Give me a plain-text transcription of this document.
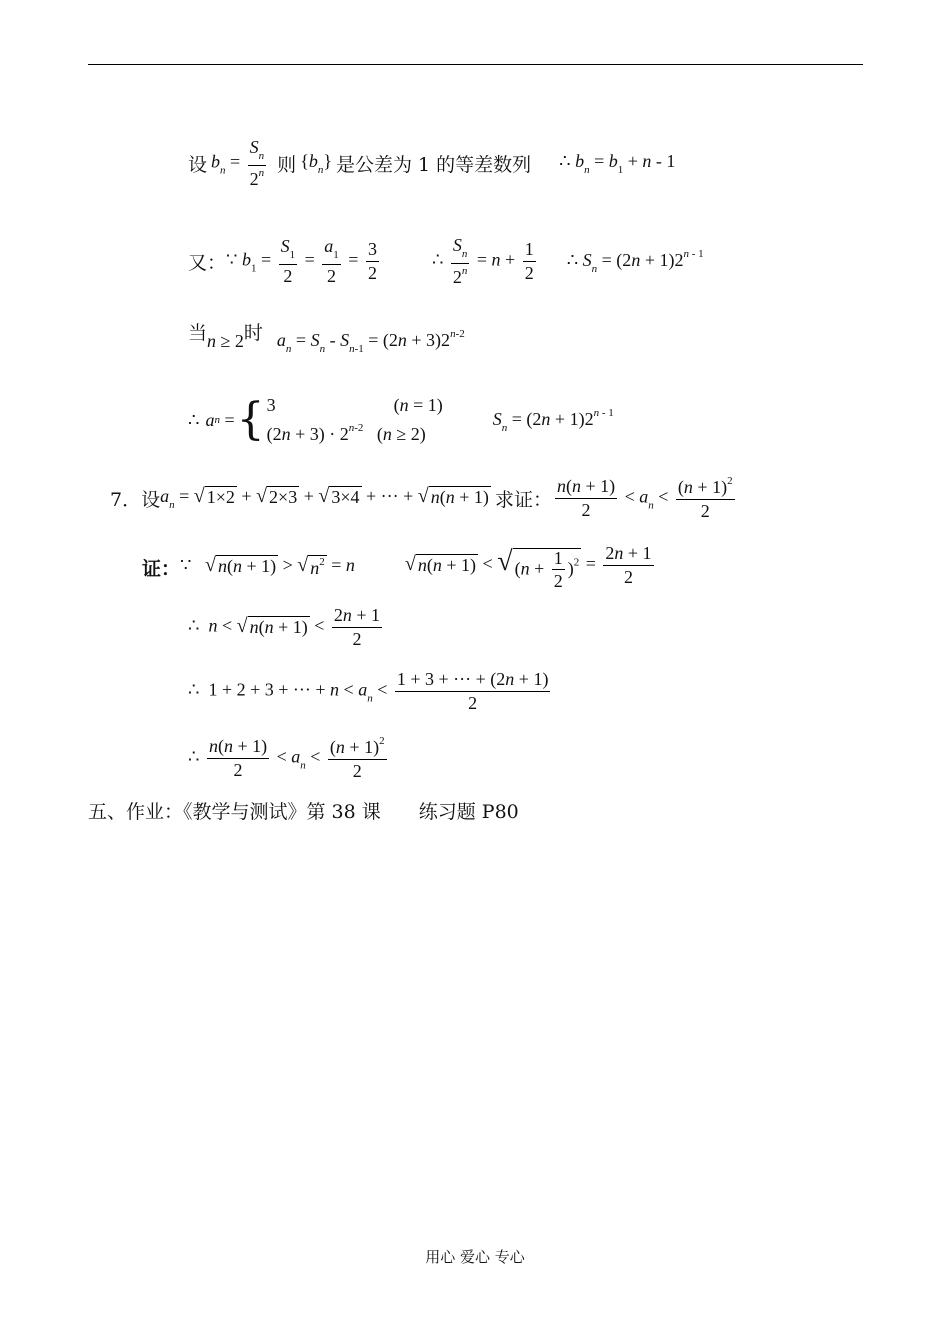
设 $b_n = \frac{S_n}{2^n}$ 则 $\{b_n\}$ 是公差为 1 的等差数列 ∴ $b_n = b_1 + n - 1$
又： ∵ $b_1 = \frac{S_1}{2} = \frac{a_1}{2} = \frac{3}{2}$	∴ $\frac{S_n}{2^n} = n + \frac{1}{2}$ ∴ $S_n = (2n + 1)2^{n - 1}$
当 n ≥ 2 时 $a_n = S_n - S_{n-1} = (2n + 3)2^{n-2}$
∴ a n = { 3	(n = 1)
$(2n + 3) \cdot 2^{n-2}$   (n ≥ 2)
$S_n = (2n + 1)2^{n - 1}$
7． 设 $a_n$ = √ 1×2 + √ 2×3 + √ 3×4 + ··· + √ n(n + 1) 求证： $\frac{n(n + 1)}{2} < a_n < \frac{(n + 1)^2}{2}$
证： ∵ √ n(n + 1) > √ $n^2 = n$	√ n(n + 1) < √ $(n + \frac{1}{2} )^2 = \frac{2n + 1}{2}$
∴  n < √ $n(n + 1) < \frac{2n + 1}{2}$
∴  1 + 2 + 3 + ··· + $n < a_n < \frac{1 + 3 + \cdot\cdot\cdot + (2n + 1)}{2}$
∴ $\frac{n(n + 1)}{2} < a_n < \frac{(n + 1)^2}{2}$
五、作业：《教学与测试》第 38 课　　练习题 P80
用心 爱心 专心
